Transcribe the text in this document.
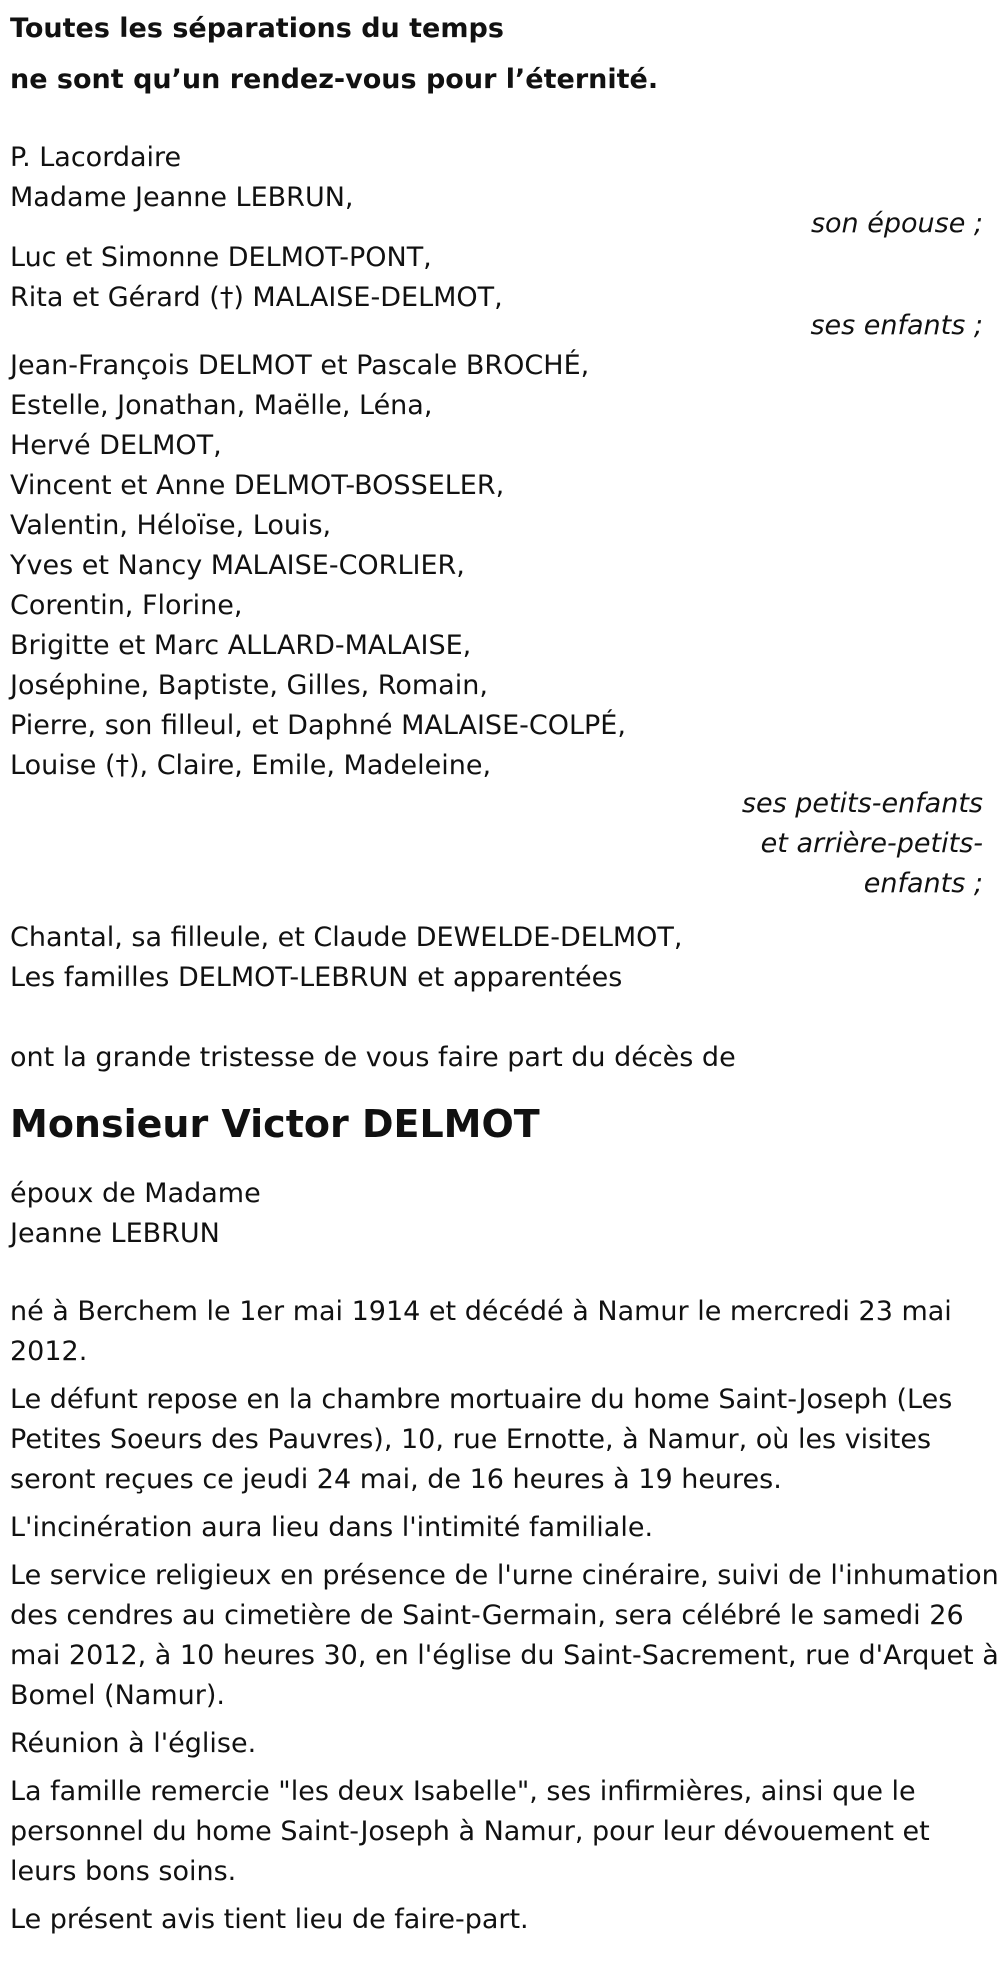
Toutes les séparations du temps
ne sont qu’un rendez-vous pour l’éternité.
P. Lacordaire
Madame Jeanne LEBRUN,
son épouse ;
Luc et Simonne DELMOT-PONT,
Rita et Gérard (†) MALAISE-DELMOT,
ses enfants ;
Jean-François DELMOT et Pascale BROCHÉ,
Estelle, Jonathan, Maëlle, Léna,
Hervé DELMOT,
Vincent et Anne DELMOT-BOSSELER,
Valentin, Héloïse, Louis,
Yves et Nancy MALAISE-CORLIER,
Corentin, Florine,
Brigitte et Marc ALLARD-MALAISE,
Joséphine, Baptiste, Gilles, Romain,
Pierre, son filleul, et Daphné MALAISE-COLPÉ,
Louise (†), Claire, Emile, Madeleine,
ses petits-enfants
et arrière-petits-
enfants ;
Chantal, sa filleule, et Claude DEWELDE-DELMOT,
Les familles DELMOT-LEBRUN et apparentées
ont la grande tristesse de vous faire part du décès de
Monsieur Victor DELMOT
époux de Madame
Jeanne LEBRUN
né à Berchem le 1er mai 1914 et décédé à Namur le mercredi 23 mai
2012.
Le défunt repose en la chambre mortuaire du home Saint-Joseph (Les
Petites Soeurs des Pauvres), 10, rue Ernotte, à Namur, où les visites
seront reçues ce jeudi 24 mai, de 16 heures à 19 heures.
L'incinération aura lieu dans l'intimité familiale.
Le service religieux en présence de l'urne cinéraire, suivi de l'inhumation
des cendres au cimetière de Saint-Germain, sera célébré le samedi 26
mai 2012, à 10 heures 30, en l'église du Saint-Sacrement, rue d'Arquet à
Bomel (Namur).
Réunion à l'église.
La famille remercie "les deux Isabelle", ses infirmières, ainsi que le
personnel du home Saint-Joseph à Namur, pour leur dévouement et
leurs bons soins.
Le présent avis tient lieu de faire-part.
